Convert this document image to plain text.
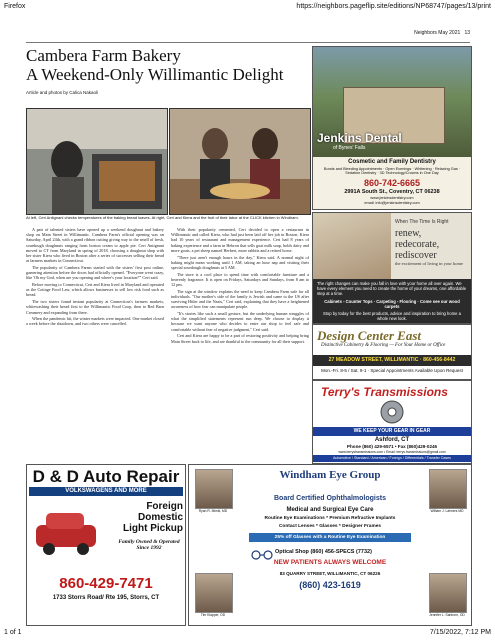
Firefox	https://neighbors.pageflip.site/editions/NP68747/pages/13/print
Neighbors May 2021 13
Cambera Farm Bakery
A Weekend-Only Willimantic Delight
Article and photos by Calica Nakaoli
At left, Ceri Antignani checks temperatures of the baking bread loaves. At right, Ceri and Kiera and the fruit of their labor at the CLICK kitchen in Windham.

A pair of talented sisters have opened up a weekend doughnut and bakery shop on Main Street in Willimantic. Cambera Farm's official opening was on Saturday, April 24th, with a grand ribbon cutting giving way to the smell of fresh, sourdough doughnuts ranging from boston cream to apple pie. Ceri Antignani moved to CT from Maryland in spring of 2018, choosing a doughnut shop with her sister Kiera who lived in Boston after a series of successes selling their bread at farmers markets in Connecticut.

The popularity of Cambera Farms started with the sisters' first post online, garnering attention before the doors had officially opened. "Everyone went crazy, like 'Oh my God, when are you opening and where's your location?'" Ceri said.

Before moving to Connecticut, Ceri and Kiera lived in Maryland and operated as the Cottage Food Law, which allows businesses to sell low risk food such as bread.

The two sisters found instant popularity at Connecticut's farmers markets, whitewashing their bread first to the Willimantic Food Coop, then to Red Barn Creamery and expanding from there.

When the pandemic hit, the winter markets were impacted. One market closed a week before the shutdown, and two others were cancelled.

With their popularity cemented, Ceri decided to open a restaurant in Willimantic and called Kiera, who had just been laid off her job in Boston. Kiera had 10 years of restaurant and management experience. Ceri had 8 years of baking experience and a farm in Hebron that sells goat milk soap, holds dairy and more goats, a pet sheep named Herbert, more rabbits and a retired horse.

"There just aren't enough hours in the day," Kiera said. A normal night of baking might mean working until 1 AM, taking an hour nap and visiting their special sourdough doughnuts at 5 AM.

The store is a cool place to spend time with comfortable furniture and a heavenly fragrance. It is open on Fridays, Saturdays and Sundays, from 8 am to 12 pm.

The sign at the window explains the need to keep Cambera Farm safe for all individuals. "Our mother's side of the family is Jewish and came to the US after surviving Hitler and the Nazis," Ceri said, explaining that they have a heightened awareness of how fear can manipulate people.

"It's stories like such a small gesture, but the underlying human struggles of what the simplified statements represent run deep. We choose to display it because we want anyone who decides to enter our shop to feel safe and comfortable without fear of negative judgment," Ceri said.

Ceri and Kiera are happy to be a part of restoring positivity and helping bring Main Street back to life, and are thankful to the community for all their support.

Jenkins Dental
of Bynes' Falls
Cosmetic and Family Dentistry
Bonds and Bleeding Appointments · Open Evenings · Whitening · Relaxing Gas · Sedation Dentistry · 3D Technology/Crowns in One Day
860-742-6665
2991A South St., Coventry, CT 06238
www.jenkinsdentistry.com
email: info@jenkinsdentistry.com
When The Time Is Right
renew,
redecorate,
rediscover
the excitement of living in your home
The right changes can make you fall in love with your home all over again. We have every element you need to create the home of your dreams, one affordable step at a time.
Cabinets - Counter Tops · Carpeting - Flooring · Come see our wood carpets
Stop by today for the best products, advice and inspiration to bring home a whole new look.
Design Center East
Distinctive Cabinetry & Flooring — For Your Home or Office
27 MEADOW STREET, WILLIMANTIC · 860-456-8442
Mon.-Fri. 8-5 / Sat. 9-1 · Special Appointments Available Upon Request
Terry's Transmissions
WE KEEP YOUR GEAR IN GEAR
Ashford, CT
Phone (860) 429-6571 • Fax (860)429-0246
www.terrystransmissions.com • Email: terrys.transmissions@gmail.com
Automotive / Standard / American / Foreign / Differentials / Transfer Cases
D & D Auto Repair
VOLKSWAGENS AND MORE
Foreign
Domestic
Light Pickup
Family Owned & Operated Since 1992
860-429-7471
1733 Storrs Road/ Rte 195, Storrs, CT
Ryan R. Mimik, MD	William J. Lahners MD
Tim Klapper, OD	Jennifer L. Sanborn, OD
Windham Eye Group
Board Certified Ophthalmologists
Medical and Surgical Eye Care
Routine Eye Examinations * Premium Refractive Implants
Contact Lenses * Glasses * Designer Frames
25% off Glasses with a Routine Eye Examination
Optical Shop (860) 456-SPECS (7732)
NEW PATIENTS ALWAYS WELCOME
83 QUARRY STREET, WILLIMANTIC, CT 06226
(860) 423-1619
1 of 1	7/15/2022, 7:12 PM
